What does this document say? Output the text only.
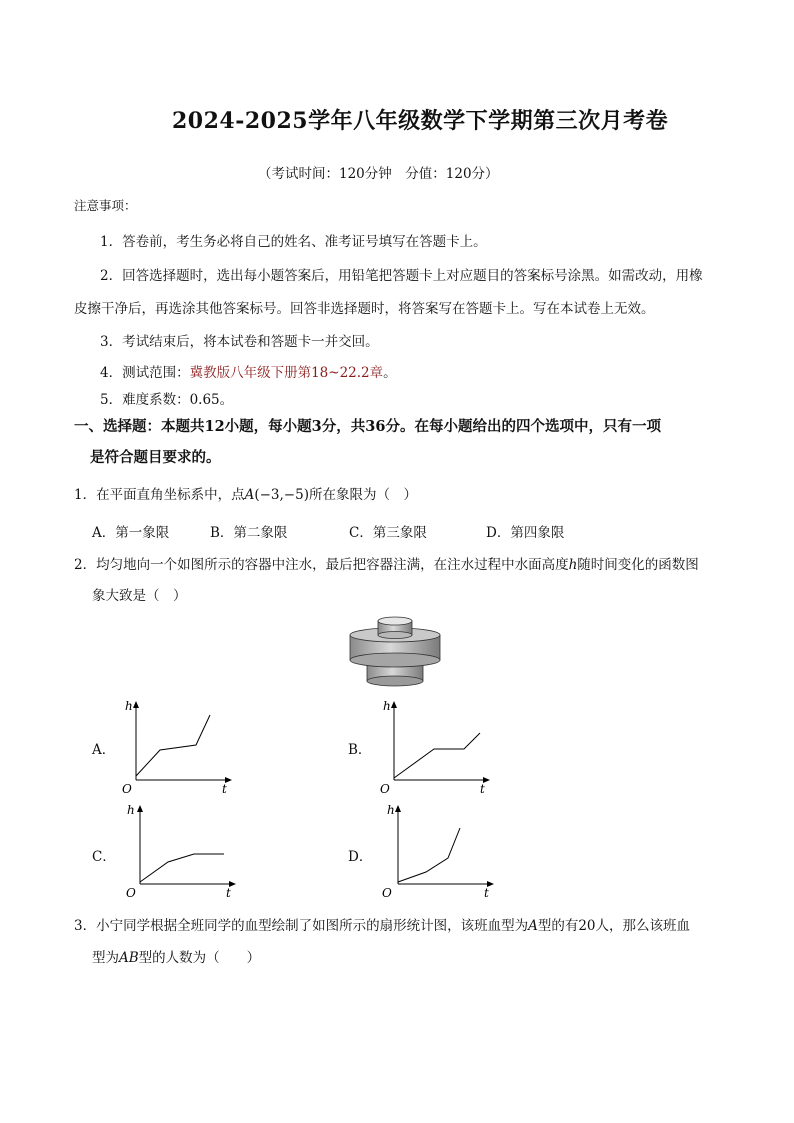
2024-2025学年八年级数学下学期第三次月考卷
（考试时间：120分钟　分值：120分）
注意事项：
1．答卷前，考生务必将自己的姓名、准考证号填写在答题卡上。
2．回答选择题时，选出每小题答案后，用铅笔把答题卡上对应题目的答案标号涂黑。如需改动，用橡
皮擦干净后，再选涂其他答案标号。回答非选择题时，将答案写在答题卡上。写在本试卷上无效。
3．考试结束后，将本试卷和答题卡一并交回。
4．测试范围：冀教版八年级下册第18~22.2章。
5．难度系数：0.65。
一、选择题：本题共12小题，每小题3分，共36分。在每小题给出的四个选项中，只有一项
是符合题目要求的。
1．在平面直角坐标系中，点A(−3,−5)所在象限为（　）
A．第一象限	B．第二象限	C．第三象限	D．第四象限
2．均匀地向一个如图所示的容器中注水，最后把容器注满，在注水过程中水面高度h随时间变化的函数图
象大致是（　）
A．
h
t
O
B．
h
t
O
C．
h
t
O
D．
h
t
O
3．小宁同学根据全班同学的血型绘制了如图所示的扇形统计图，该班血型为A型的有20人，那么该班血
型为AB型的人数为（　　）
